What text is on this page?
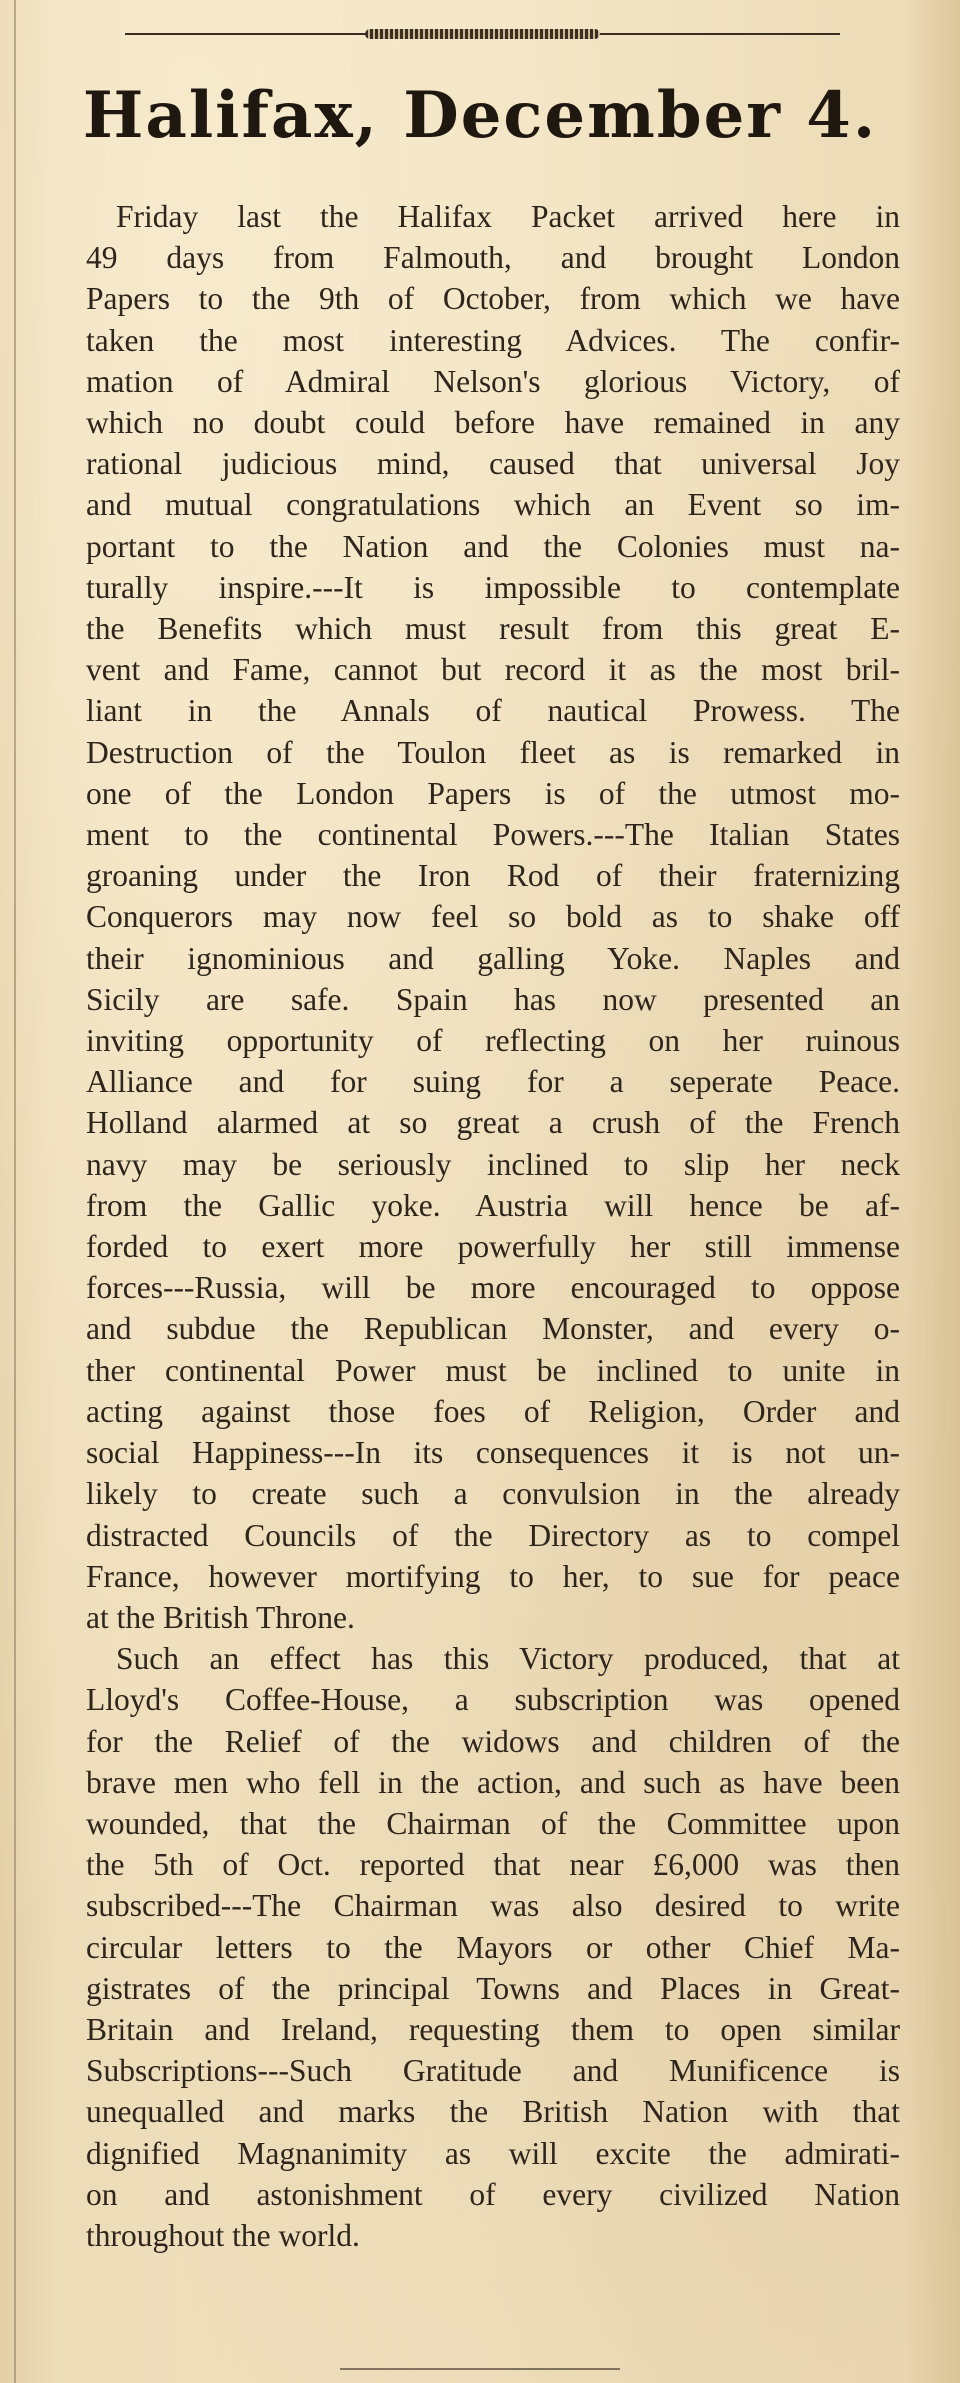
Halifax, December 4.

Friday last the Halifax Packet arrived here in
49 days from Falmouth, and brought London
Papers to the 9th of October, from which we have
taken the most interesting Advices. The confir-
mation of Admiral Nelson's glorious Victory, of
which no doubt could before have remained in any
rational judicious mind, caused that universal Joy
and mutual congratulations which an Event so im-
portant to the Nation and the Colonies must na-
turally inspire.---It is impossible to contemplate
the Benefits which must result from this great E-
vent and Fame, cannot but record it as the most bril-
liant in the Annals of nautical Prowess. The
Destruction of the Toulon fleet as is remarked in
one of the London Papers is of the utmost mo-
ment to the continental Powers.---The Italian States
groaning under the Iron Rod of their fraternizing
Conquerors may now feel so bold as to shake off
their ignominious and galling Yoke. Naples and
Sicily are safe. Spain has now presented an
inviting opportunity of reflecting on her ruinous
Alliance and for suing for a seperate Peace.
Holland alarmed at so great a crush of the French
navy may be seriously inclined to slip her neck
from the Gallic yoke. Austria will hence be af-
forded to exert more powerfully her still immense
forces---Russia, will be more encouraged to oppose
and subdue the Republican Monster, and every o-
ther continental Power must be inclined to unite in
acting against those foes of Religion, Order and
social Happiness---In its consequences it is not un-
likely to create such a convulsion in the already
distracted Councils of the Directory as to compel
France, however mortifying to her, to sue for peace
at the British Throne.

Such an effect has this Victory produced, that at
Lloyd's Coffee-House, a subscription was opened
for the Relief of the widows and children of the
brave men who fell in the action, and such as have been
wounded, that the Chairman of the Committee upon
the 5th of Oct. reported that near £6,000 was then
subscribed---The Chairman was also desired to write
circular letters to the Mayors or other Chief Ma-
gistrates of the principal Towns and Places in Great-
Britain and Ireland, requesting them to open similar
Subscriptions---Such Gratitude and Munificence is
unequalled and marks the British Nation with that
dignified Magnanimity as will excite the admirati-
on and astonishment of every civilized Nation
throughout the world.
